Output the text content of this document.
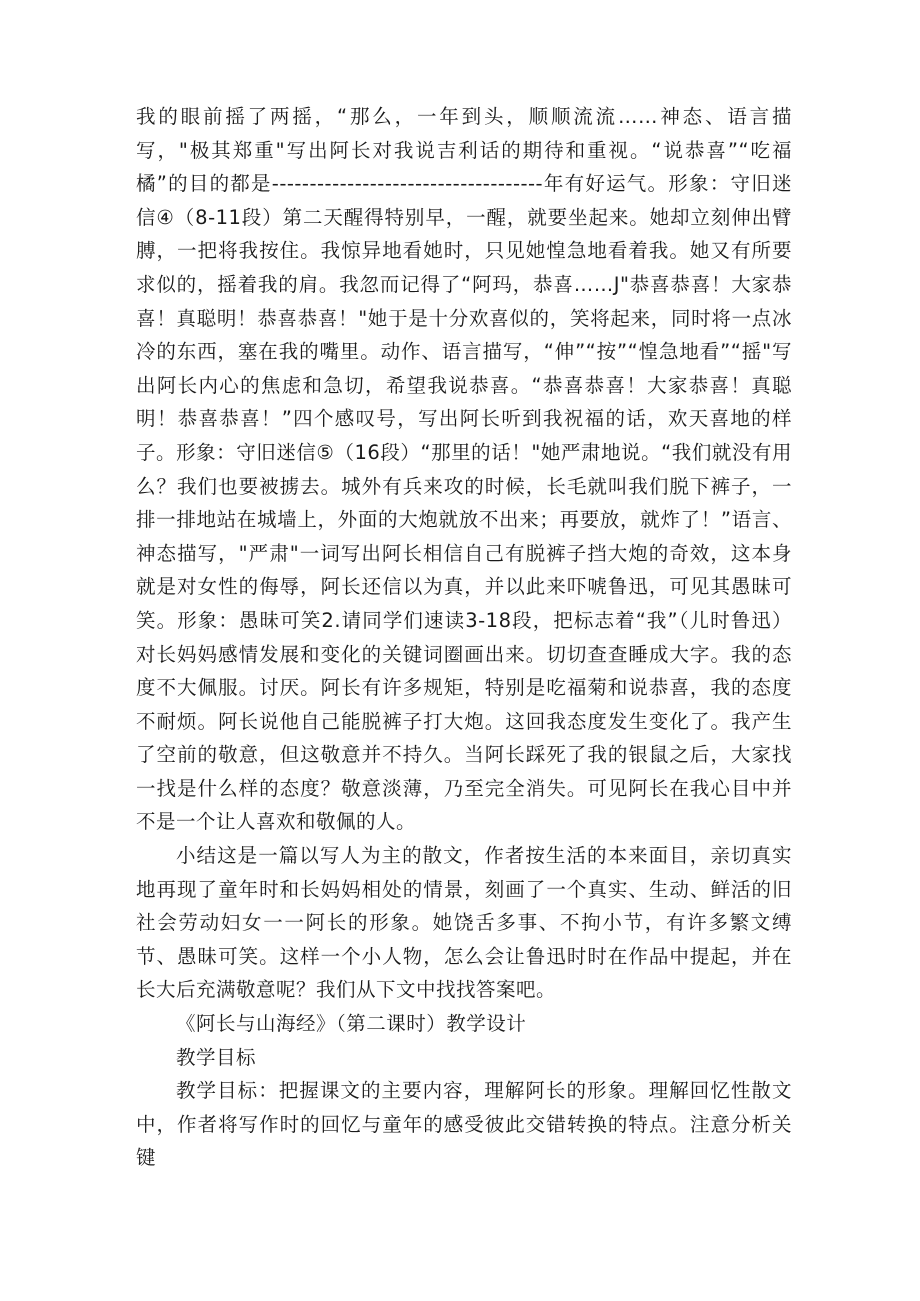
我的眼前摇了两摇，“那么，一年到头，顺顺流流……神态、语言描写，"极其郑重"写出阿长对我说吉利话的期待和重视。“说恭喜”“吃福橘”的目的都是------------------------------------年有好运气。形象：守旧迷信④（8-11段）第二天醒得特别早，一醒，就要坐起来。她却立刻伸出臂膊，一把将我按住。我惊异地看她时，只见她惶急地看着我。她又有所要求似的，摇着我的肩。我忽而记得了“阿玛，恭喜……J"恭喜恭喜！大家恭喜！真聪明！恭喜恭喜！"她于是十分欢喜似的，笑将起来，同时将一点冰冷的东西，塞在我的嘴里。动作、语言描写，“伸”“按”“惶急地看”“摇"写出阿长内心的焦虑和急切，希望我说恭喜。“恭喜恭喜！大家恭喜！真聪明！恭喜恭喜！”四个感叹号，写出阿长听到我祝福的话，欢天喜地的样子。形象：守旧迷信⑤（16段）“那里的话！"她严肃地说。“我们就没有用么？我们也要被掳去。城外有兵来攻的时候，长毛就叫我们脱下裤子，一排一排地站在城墙上，外面的大炮就放不出来；再要放，就炸了！”语言、神态描写，"严肃"一词写出阿长相信自己有脱裤子挡大炮的奇效，这本身就是对女性的侮辱，阿长还信以为真，并以此来吓唬鲁迅，可见其愚昧可笑。形象：愚昧可笑2.请同学们速读3-18段，把标志着“我”（儿时鲁迅）对长妈妈感情发展和变化的关键词圈画出来。切切查查睡成大字。我的态度不大佩服。讨厌。阿长有许多规矩，特别是吃福菊和说恭喜，我的态度不耐烦。阿长说他自己能脱裤子打大炮。这回我态度发生变化了。我产生了空前的敬意，但这敬意并不持久。当阿长踩死了我的银鼠之后，大家找一找是什么样的态度？敬意淡薄，乃至完全消失。可见阿长在我心目中并不是一个让人喜欢和敬佩的人。

小结这是一篇以写人为主的散文，作者按生活的本来面目，亲切真实地再现了童年时和长妈妈相处的情景，刻画了一个真实、生动、鲜活的旧社会劳动妇女一一阿长的形象。她饶舌多事、不拘小节，有许多繁文缚节、愚昧可笑。这样一个小人物，怎么会让鲁迅时时在作品中提起，并在长大后充满敬意呢？我们从下文中找找答案吧。

《阿长与山海经》（第二课时）教学设计

教学目标

教学目标：把握课文的主要内容，理解阿长的形象。理解回忆性散文中，作者将写作时的回忆与童年的感受彼此交错转换的特点。注意分析关键
